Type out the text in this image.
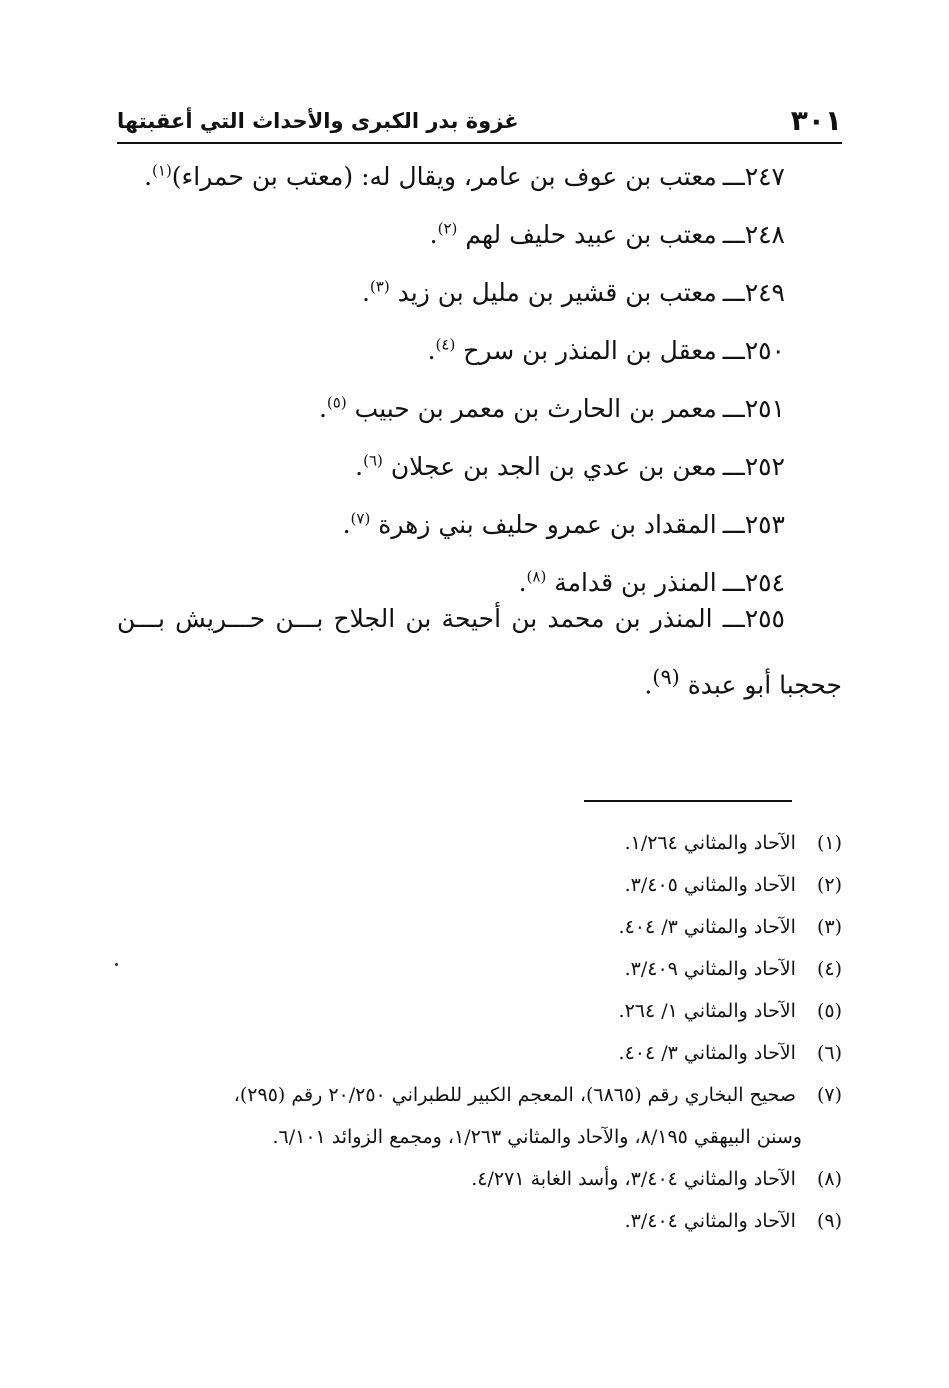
٣٠١
غزوة بدر الكبرى والأحداث التي أعقبتها
٢٤٧ـــمعتب بن عوف بن عامر، ويقال له: (معتب بن حمراء)$^{(١)}$.
٢٤٨ـــمعتب بن عبيد حليف لهم $^{(٢)}$.
٢٤٩ـــمعتب بن قشير بن مليل بن زيد $^{(٣)}$.
٢٥٠ـــمعقل بن المنذر بن سرح $^{(٤)}$.
٢٥١ـــمعمر بن الحارث بن معمر بن حبيب $^{(٥)}$.
٢٥٢ـــمعن بن عدي بن الجد بن عجلان $^{(٦)}$.
٢٥٣ـــالمقداد بن عمرو حليف بني زهرة $^{(٧)}$.
٢٥٤ـــالمنذر بن قدامة $^{(٨)}$.
٢٥٥ـــ المنذر بن محمد بن أحيحة بن الجلاح بـــن حـــريش بـــن
جحجبا أبو عبدة $^{(٩)}$.
(١) الآحاد والمثاني ١/٢٦٤.
(٢) الآحاد والمثاني ٣/٤٠٥.
(٣) الآحاد والمثاني ٣/ ٤٠٤.
(٤) الآحاد والمثاني ٣/٤٠٩.
(٥) الآحاد والمثاني ١/ ٢٦٤.
(٦) الآحاد والمثاني ٣/ ٤٠٤.
(٧) صحيح البخاري رقم (٦٨٦٥)، المعجم الكبير للطبراني ٢٠/٢٥٠ رقم (٢٩٥)،
وسنن البيهقي ٨/١٩٥، والآحاد والمثاني ١/٢٦٣، ومجمع الزوائد ٦/١٠١.
(٨) الآحاد والمثاني ٣/٤٠٤، وأسد الغابة ٤/٢٧١.
(٩) الآحاد والمثاني ٣/٤٠٤.
